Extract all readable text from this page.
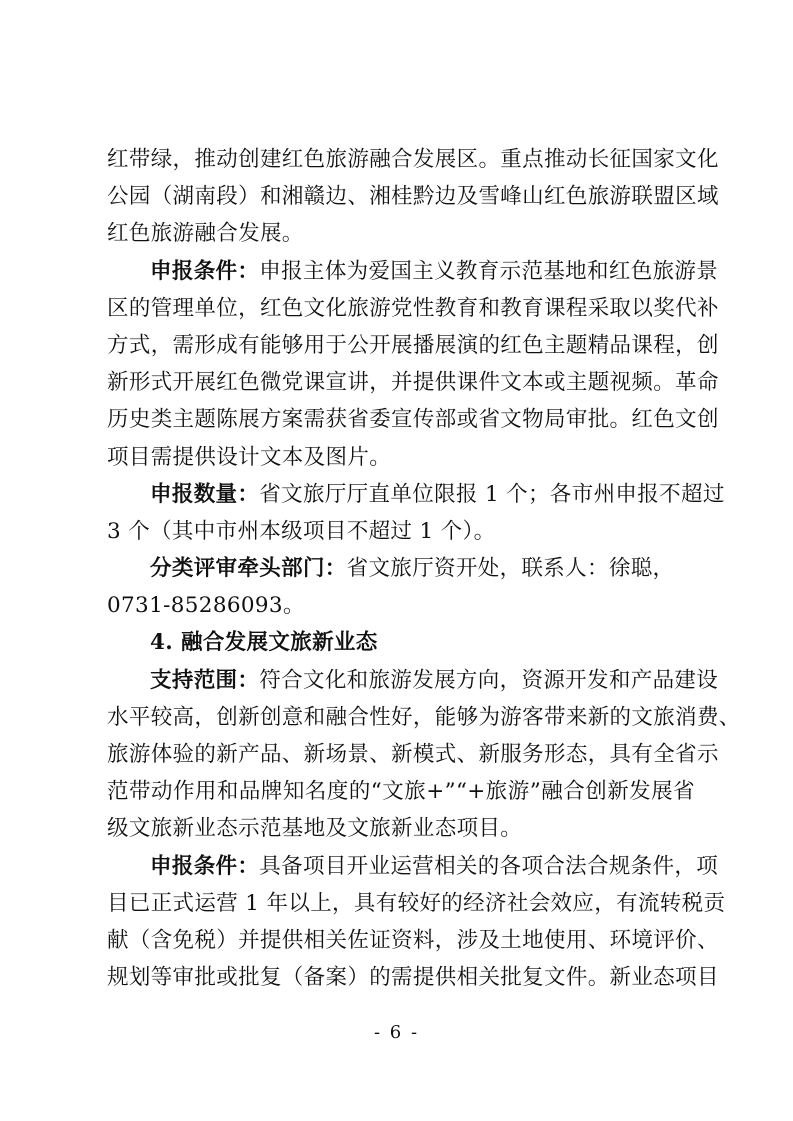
红带绿，推动创建红色旅游融合发展区。重点推动长征国家文化
公园（湖南段）和湘赣边、湘桂黔边及雪峰山红色旅游联盟区域
红色旅游融合发展。
申报条件：申报主体为爱国主义教育示范基地和红色旅游景
区的管理单位，红色文化旅游党性教育和教育课程采取以奖代补
方式，需形成有能够用于公开展播展演的红色主题精品课程，创
新形式开展红色微党课宣讲，并提供课件文本或主题视频。革命
历史类主题陈展方案需获省委宣传部或省文物局审批。红色文创
项目需提供设计文本及图片。
申报数量：省文旅厅厅直单位限报 1 个；各市州申报不超过
3 个（其中市州本级项目不超过 1 个）。
分类评审牵头部门：省文旅厅资开处，联系人：徐聪，
0731-85286093。
4. 融合发展文旅新业态
支持范围：符合文化和旅游发展方向，资源开发和产品建设
水平较高，创新创意和融合性好，能够为游客带来新的文旅消费、
旅游体验的新产品、新场景、新模式、新服务形态，具有全省示
范带动作用和品牌知名度的“文旅+”“+旅游”融合创新发展省
级文旅新业态示范基地及文旅新业态项目。
申报条件：具备项目开业运营相关的各项合法合规条件，项
目已正式运营 1 年以上，具有较好的经济社会效应，有流转税贡
献（含免税）并提供相关佐证资料，涉及土地使用、环境评价、
规划等审批或批复（备案）的需提供相关批复文件。新业态项目
- 6 -
